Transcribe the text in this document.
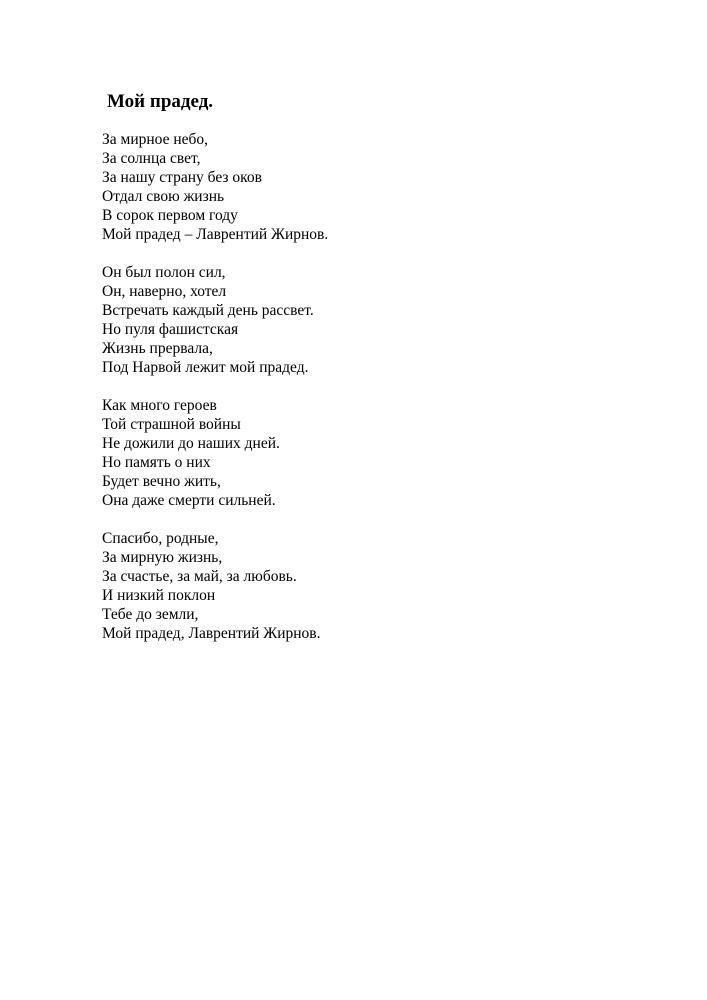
Мой прадед.
За мирное небо,
За солнца свет,
За нашу страну без оков
Отдал свою жизнь
В сорок первом году
Мой прадед – Лаврентий Жирнов.
Он был полон сил,
Он, наверно, хотел
Встречать каждый день рассвет.
Но пуля фашистская
Жизнь прервала,
Под Нарвой лежит мой прадед.
Как много героев
Той страшной войны
Не дожили до наших дней.
Но память о них
Будет вечно жить,
Она даже смерти сильней.
Спасибо, родные,
За мирную жизнь,
За счастье, за май, за любовь.
И низкий поклон
Тебе до земли,
Мой прадед, Лаврентий Жирнов.
